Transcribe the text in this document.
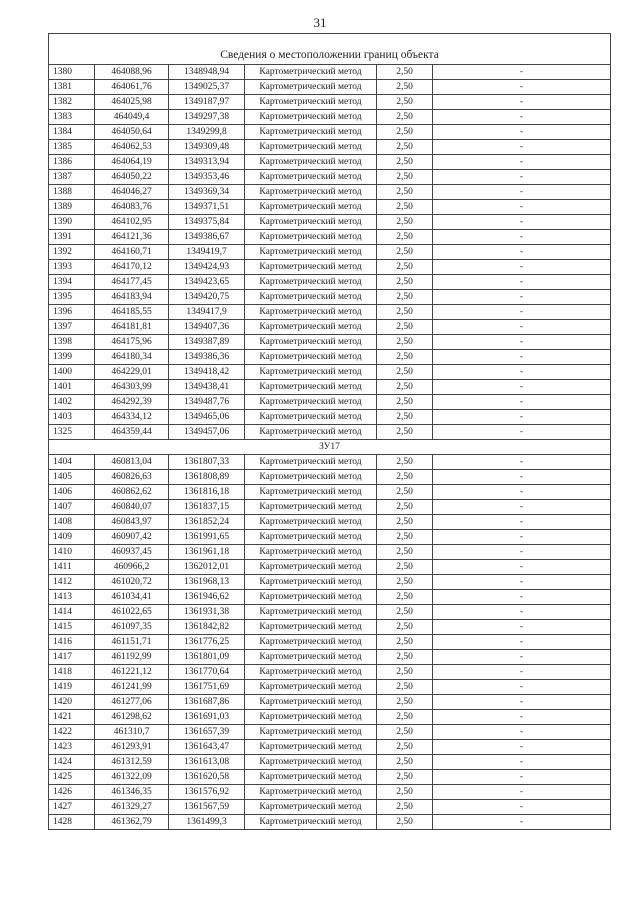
31
Сведения о местоположении границ объекта					
1380	464088,96	1348948,94	Картометрический метод	2,50	-
1381	464061,76	1349025,37	Картометрический метод	2,50	-
1382	464025,98	1349187,97	Картометрический метод	2,50	-
1383	464049,4	1349297,38	Картометрический метод	2,50	-
1384	464050,64	1349299,8	Картометрический метод	2,50	-
1385	464062,53	1349309,48	Картометрический метод	2,50	-
1386	464064,19	1349313,94	Картометрический метод	2,50	-
1387	464050,22	1349353,46	Картометрический метод	2,50	-
1388	464046,27	1349369,34	Картометрический метод	2,50	-
1389	464083,76	1349371,51	Картометрический метод	2,50	-
1390	464102,95	1349375,84	Картометрический метод	2,50	-
1391	464121,36	1349386,67	Картометрический метод	2,50	-
1392	464160,71	1349419,7	Картометрический метод	2,50	-
1393	464170,12	1349424,93	Картометрический метод	2,50	-
1394	464177,45	1349423,65	Картометрический метод	2,50	-
1395	464183,94	1349420,75	Картометрический метод	2,50	-
1396	464185,55	1349417,9	Картометрический метод	2,50	-
1397	464181,81	1349407,36	Картометрический метод	2,50	-
1398	464175,96	1349387,89	Картометрический метод	2,50	-
1399	464180,34	1349386,36	Картометрический метод	2,50	-
1400	464229,01	1349418,42	Картометрический метод	2,50	-
1401	464303,99	1349438,41	Картометрический метод	2,50	-
1402	464292,39	1349487,76	Картометрический метод	2,50	-
1403	464334,12	1349465,06	Картометрический метод	2,50	-
1325	464359,44	1349457,06	Картометрический метод	2,50	-
ЗУ17					
1404	460813,04	1361807,33	Картометрический метод	2,50	-
1405	460826,63	1361808,89	Картометрический метод	2,50	-
1406	460862,62	1361816,18	Картометрический метод	2,50	-
1407	460840,07	1361837,15	Картометрический метод	2,50	-
1408	460843,97	1361852,24	Картометрический метод	2,50	-
1409	460907,42	1361991,65	Картометрический метод	2,50	-
1410	460937,45	1361961,18	Картометрический метод	2,50	-
1411	460966,2	1362012,01	Картометрический метод	2,50	-
1412	461020,72	1361968,13	Картометрический метод	2,50	-
1413	461034,41	1361946,62	Картометрический метод	2,50	-
1414	461022,65	1361931,38	Картометрический метод	2,50	-
1415	461097,35	1361842,82	Картометрический метод	2,50	-
1416	461151,71	1361776,25	Картометрический метод	2,50	-
1417	461192,99	1361801,09	Картометрический метод	2,50	-
1418	461221,12	1361770,64	Картометрический метод	2,50	-
1419	461241,99	1361751,69	Картометрический метод	2,50	-
1420	461277,06	1361687,86	Картометрический метод	2,50	-
1421	461298,62	1361691,03	Картометрический метод	2,50	-
1422	461310,7	1361657,39	Картометрический метод	2,50	-
1423	461293,91	1361643,47	Картометрический метод	2,50	-
1424	461312,59	1361613,08	Картометрический метод	2,50	-
1425	461322,09	1361620,58	Картометрический метод	2,50	-
1426	461346,35	1361576,92	Картометрический метод	2,50	-
1427	461329,27	1361567,59	Картометрический метод	2,50	-
1428	461362,79	1361499,3	Картометрический метод	2,50	-
